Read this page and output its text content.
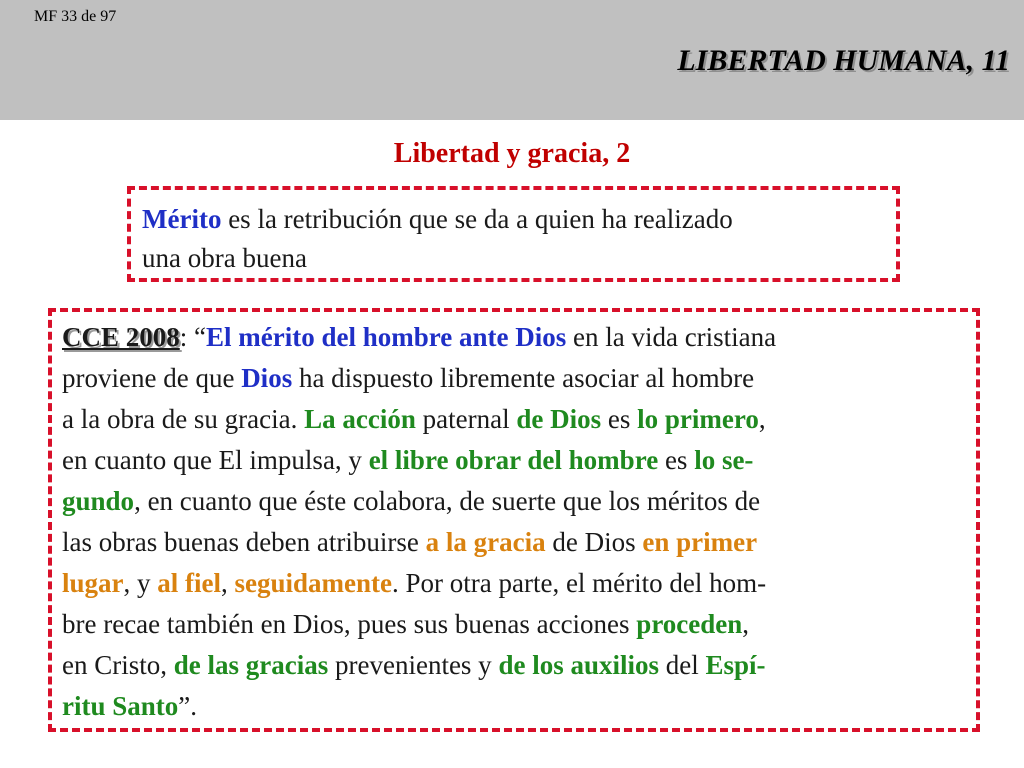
MF 33 de 97
LIBERTAD HUMANA, 11
Libertad y gracia, 2
Mérito es la retribución que se da a quien ha realizado
una obra buena
CCE 2008: “El mérito del hombre ante Dios en la vida cristiana
proviene de que Dios ha dispuesto libremente asociar al hombre
a la obra de su gracia. La acción paternal de Dios es lo primero,
en cuanto que El impulsa, y el libre obrar del hombre es lo se-
gundo, en cuanto que éste colabora, de suerte que los méritos de
las obras buenas deben atribuirse a la gracia de Dios en primer
lugar, y al fiel, seguidamente. Por otra parte, el mérito del hom-
bre recae también en Dios, pues sus buenas acciones proceden,
en Cristo, de las gracias prevenientes y de los auxilios del Espí-
ritu Santo”.
